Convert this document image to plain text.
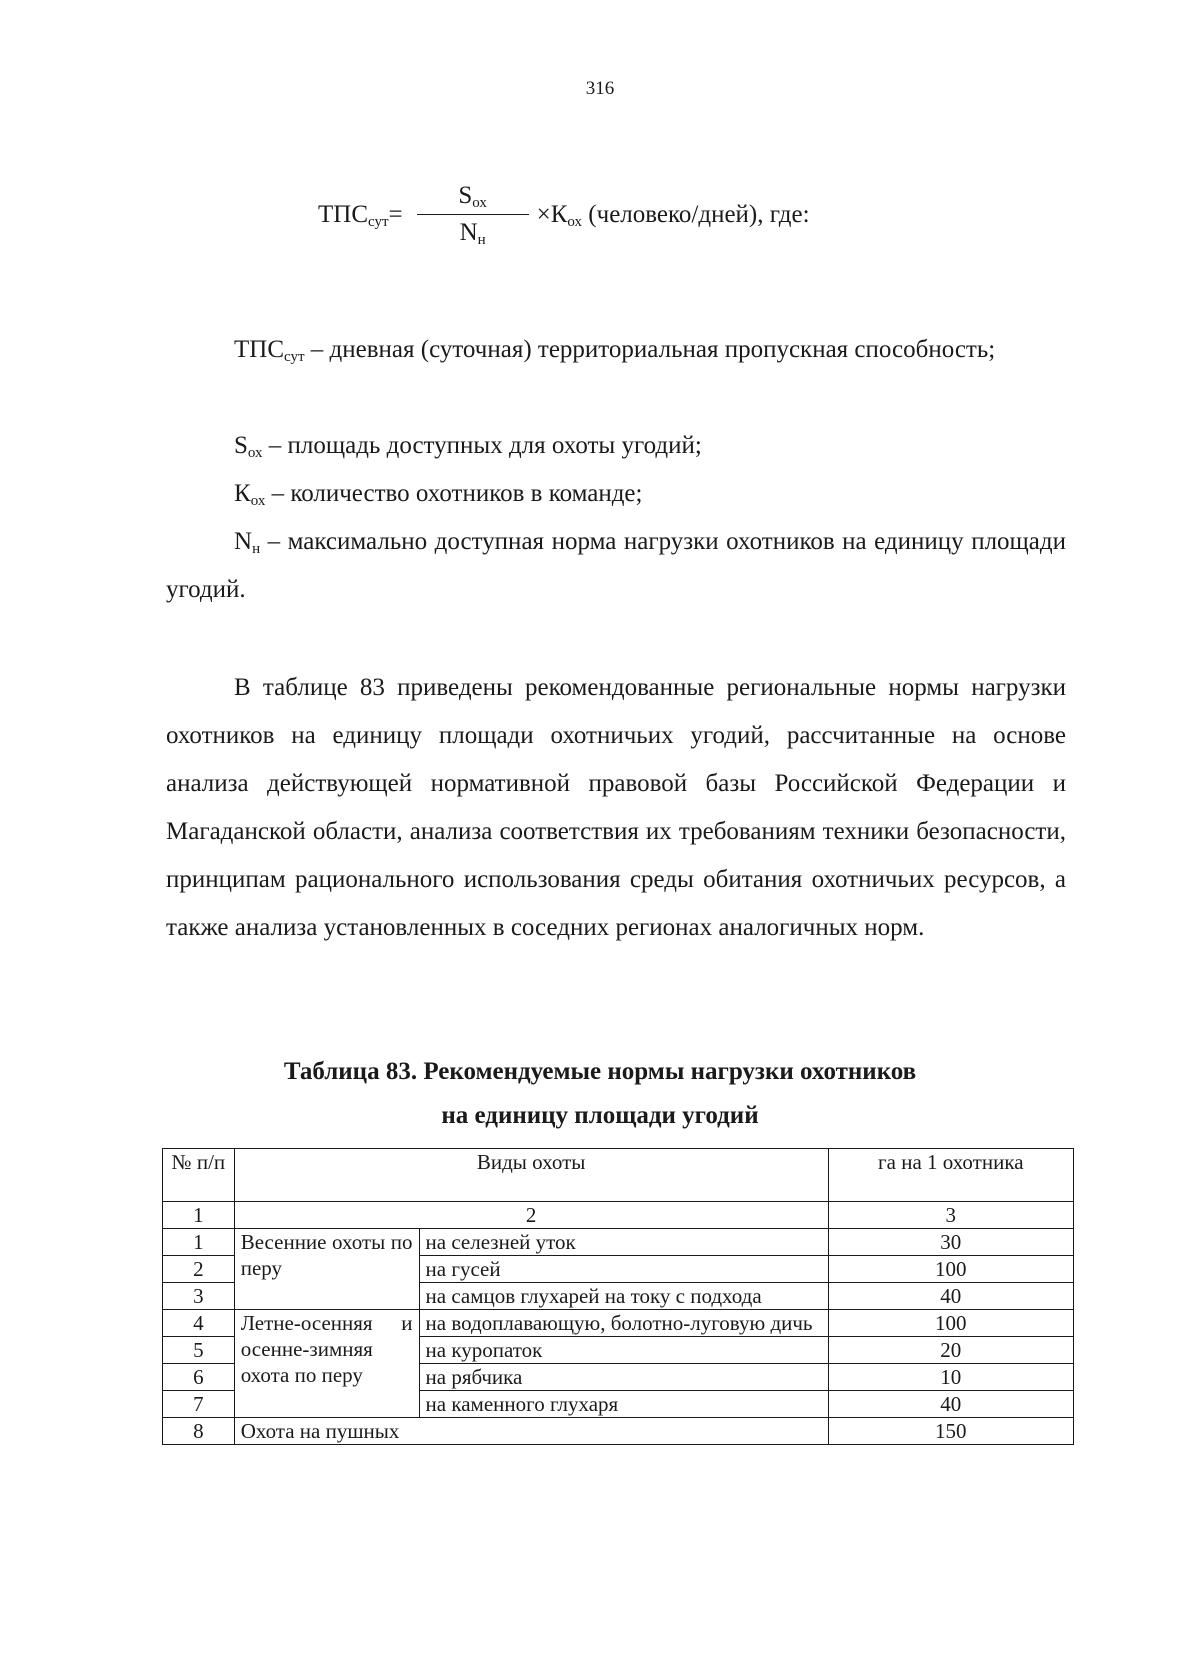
316
$ТПС_{сут}= \frac{S_{ох}}{N_н} \times К_{ох}$ (человеко/дней), где:
$ТПС_{сут}$ – дневная (суточная) территориальная пропускная способность;
$S_{ох}$ – площадь доступных для охоты угодий;
$К_{ох}$ – количество охотников в команде;
$N_н$ – максимально доступная норма нагрузки охотников на единицу площади угодий.
В таблице 83 приведены рекомендованные региональные нормы нагрузки охотников на единицу площади охотничьих угодий, рассчитанные на основе анализа действующей нормативной правовой базы Российской Федерации и Магаданской области, анализа соответствия их требованиям техники безопасности, принципам рационального использования среды обитания охотничьих ресурсов, а также анализа установленных в соседних регионах аналогичных норм.
Таблица 83. Рекомендуемые нормы нагрузки охотников
на единицу площади угодий
№ п/п	Виды охоты		га на 1 охотника
1	2		3
1	Весенние охоты по перу	на селезней уток	30
2		на гусей	100
3		на самцов глухарей на току с подхода	40
4	Летне-осенняя и осенне-зимняя охота по перу	на водоплавающую, болотно-луговую дичь	100
5		на куропаток	20
6		на рябчика	10
7		на каменного глухаря	40
8	Охота на пушных		150
